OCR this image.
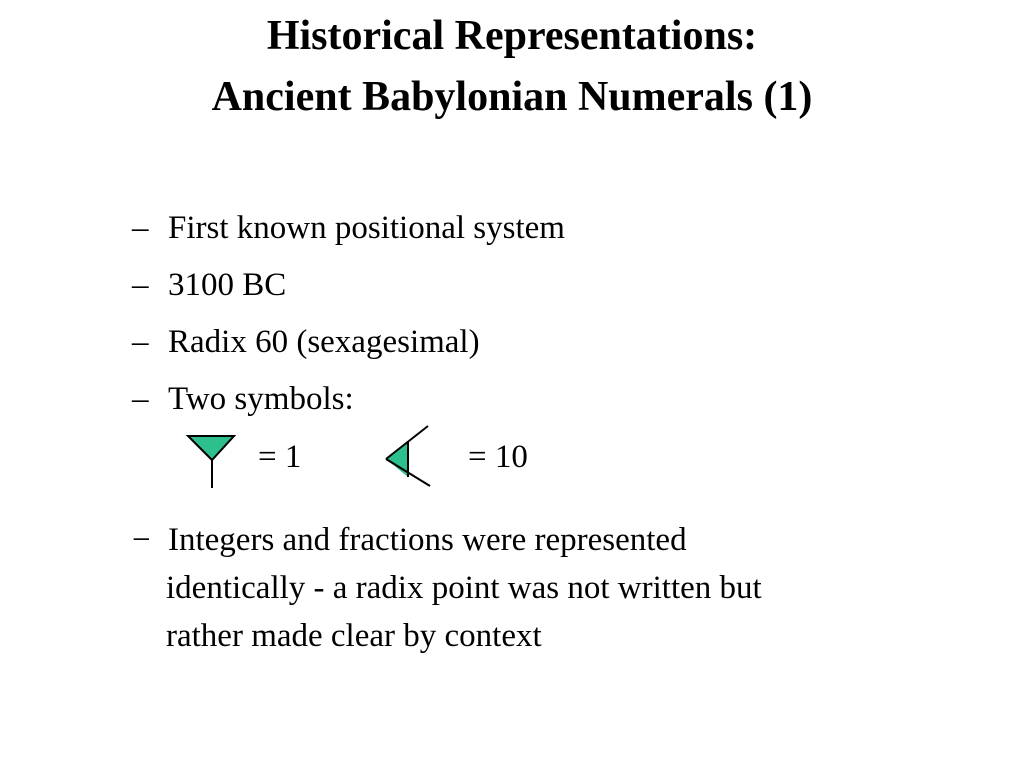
Historical Representations:
Ancient Babylonian Numerals (1)
– First known positional system
– 3100 BC
– Radix 60 (sexagesimal)
– Two symbols:
= 1	= 10
− Integers and fractions were represented
identically - a radix point was not written but
rather made clear by context
